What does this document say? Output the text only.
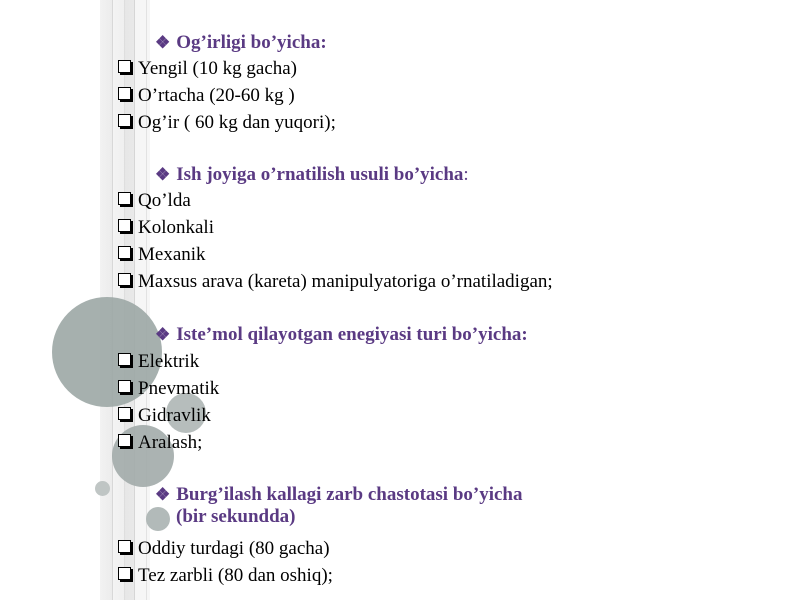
❖ Og’irligi bo’yicha:
Yengil (10 kg gacha)
O’rtacha (20-60 kg )
Og’ir ( 60 kg dan yuqori);
❖ Ish joyiga o’rnatilish usuli bo’yicha:
Qo’lda
Kolonkali
Mexanik
Maxsus arava (kareta) manipulyatoriga o’rnatiladigan;
❖ Iste’mol qilayotgan enegiyasi turi bo’yicha:
Elektrik
Pnevmatik
Gidravlik
Aralash;
❖ Burg’ilash kallagi zarb chastotasi bo’yicha
(bir sekundda)
Oddiy turdagi (80 gacha)
Tez zarbli (80 dan oshiq);
